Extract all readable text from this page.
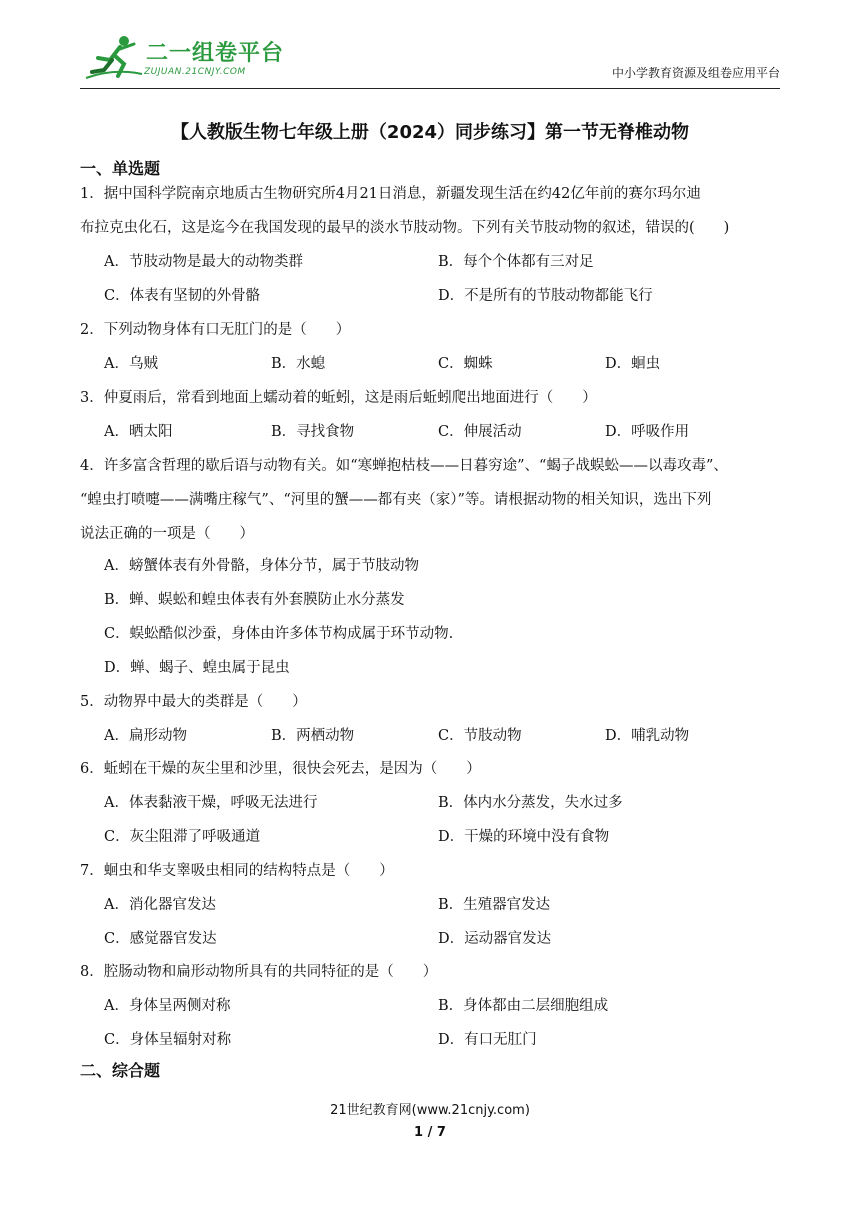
二一组卷平台
ZUJUAN.21CNJY.COM	中小学教育资源及组卷应用平台
【人教版生物七年级上册（2024）同步练习】第一节无脊椎动物
一、单选题
1．据中国科学院南京地质古生物研究所4月21日消息，新疆发现生活在约42亿年前的赛尔玛尔迪
布拉克虫化石，这是迄今在我国发现的最早的淡水节肢动物。下列有关节肢动物的叙述，错误的(　　)
A．节肢动物是最大的动物类群	B．每个个体都有三对足
C．体表有坚韧的外骨骼	D．不是所有的节肢动物都能飞行
2．下列动物身体有口无肛门的是（　　）
A．乌贼	B．水螅	C．蜘蛛	D．蛔虫
3．仲夏雨后，常看到地面上蠕动着的蚯蚓，这是雨后蚯蚓爬出地面进行（　　）
A．晒太阳	B．寻找食物	C．伸展活动	D．呼吸作用
4．许多富含哲理的歇后语与动物有关。如“寒蝉抱枯枝——日暮穷途”、“蝎子战蜈蚣——以毒攻毒”、
“蝗虫打喷嚏——满嘴庄稼气”、“河里的蟹——都有夹（家）”等。请根据动物的相关知识，选出下列
说法正确的一项是（　　）
A．螃蟹体表有外骨骼，身体分节，属于节肢动物
B．蝉、蜈蚣和蝗虫体表有外套膜防止水分蒸发
C．蜈蚣酷似沙蚕，身体由许多体节构成属于环节动物.
D．蝉、蝎子、蝗虫属于昆虫
5．动物界中最大的类群是（　　）
A．扁形动物	B．两栖动物	C．节肢动物	D．哺乳动物
6．蚯蚓在干燥的灰尘里和沙里，很快会死去，是因为（　　）
A．体表黏液干燥，呼吸无法进行	B．体内水分蒸发，失水过多
C．灰尘阻滞了呼吸通道	D．干燥的环境中没有食物
7．蛔虫和华支睾吸虫相同的结构特点是（　　）
A．消化器官发达	B．生殖器官发达
C．感觉器官发达	D．运动器官发达
8．腔肠动物和扁形动物所具有的共同特征的是（　　）
A．身体呈两侧对称	B．身体都由二层细胞组成
C．身体呈辐射对称	D．有口无肛门
二、综合题
21世纪教育网(www.21cnjy.com)
1 / 7
